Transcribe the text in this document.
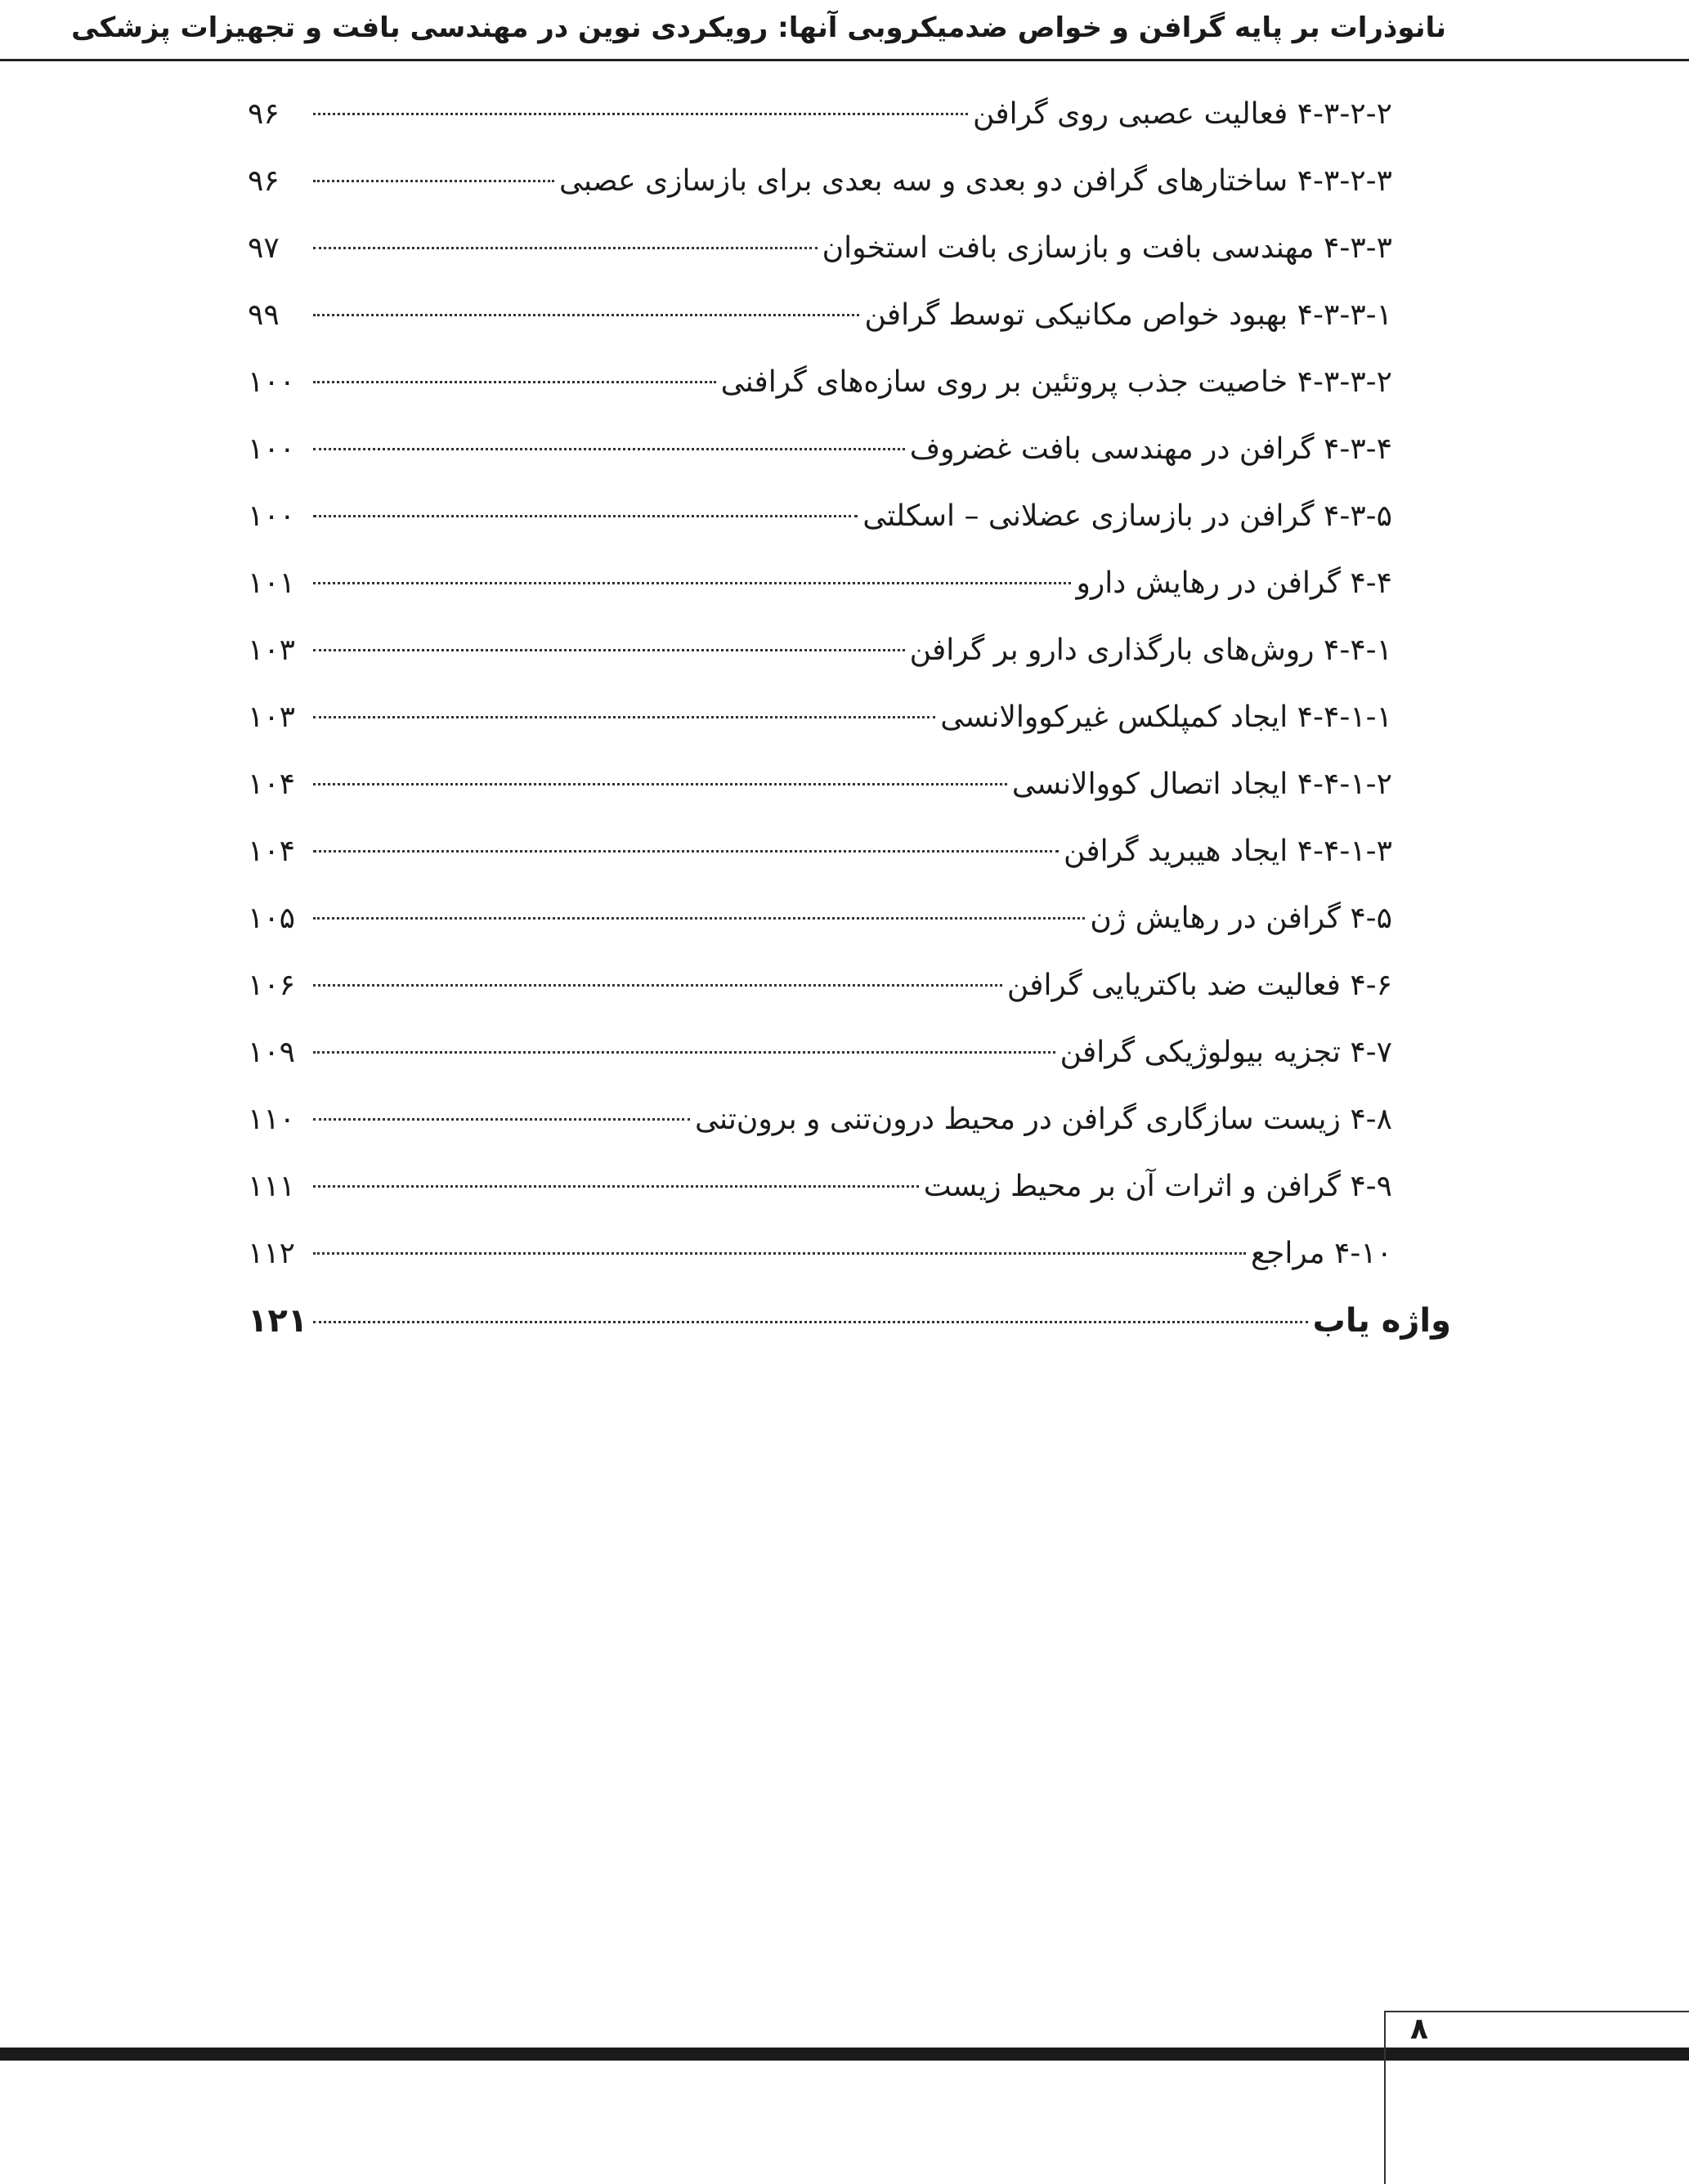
نانوذرات بر پایه گرافن و خواص ضدمیکروبی آنها: رویکردی نوین در مهندسی بافت و تجهیزات پزشکی
۴-۳-۲-۲

فعالیت عصبی روی گرافن
۹۶
۴-۳-۲-۳

ساختارهای گرافن دو بعدی و سه بعدی برای بازسازی عصبی
۹۶
۴-۳-۳

مهندسی بافت و بازسازی بافت استخوان
۹۷
۴-۳-۳-۱

بهبود خواص مکانیکی توسط گرافن
۹۹
۴-۳-۳-۲

خاصیت جذب پروتئین بر روی سازه‌های گرافنی
۱۰۰
۴-۳-۴

گرافن در مهندسی بافت غضروف
۱۰۰
۴-۳-۵

گرافن در بازسازی عضلانی – اسکلتی
۱۰۰
۴-۴

گرافن در رهایش دارو
۱۰۱
۴-۴-۱

روش‌های بارگذاری دارو بر گرافن
۱۰۳
۴-۴-۱-۱

ایجاد کمپلکس غیرکووالانسی
۱۰۳
۴-۴-۱-۲

ایجاد اتصال کووالانسی
۱۰۴
۴-۴-۱-۳

ایجاد هیبرید گرافن
۱۰۴
۴-۵

گرافن در رهایش ژن
۱۰۵
۴-۶

فعالیت ضد باکتریایی گرافن
۱۰۶
۴-۷

تجزیه بیولوژیکی گرافن
۱۰۹
۴-۸

زیست سازگاری گرافن در محیط درون‌تنی و برون‌تنی
۱۱۰
۴-۹

گرافن و اثرات آن بر محیط زیست
۱۱۱
۴-۱۰

مراجع
۱۱۲
واژه یاب
۱۲۱
۸
